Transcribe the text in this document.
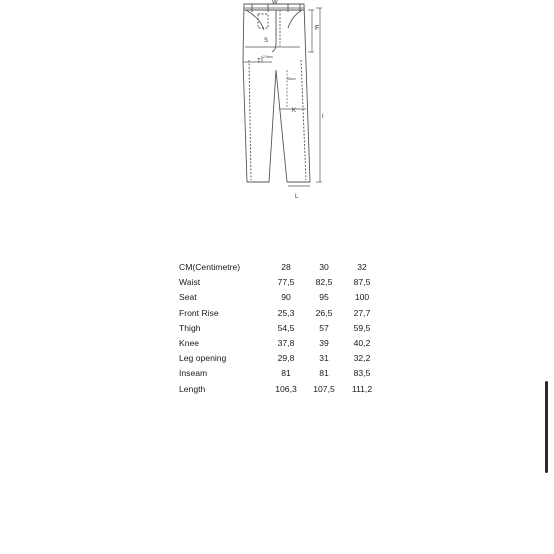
W
F
S
2.5cm
T
33cm
K
I
L
CM(Centimetre)	28	30	32
Waist	77,5	82,5	87,5
Seat	90	95	100
Front Rise	25,3	26,5	27,7
Thigh	54,5	57	59,5
Knee	37,8	39	40,2
Leg opening	29,8	31	32,2
Inseam	81	81	83,5
Length	106,3	107,5	111,2
